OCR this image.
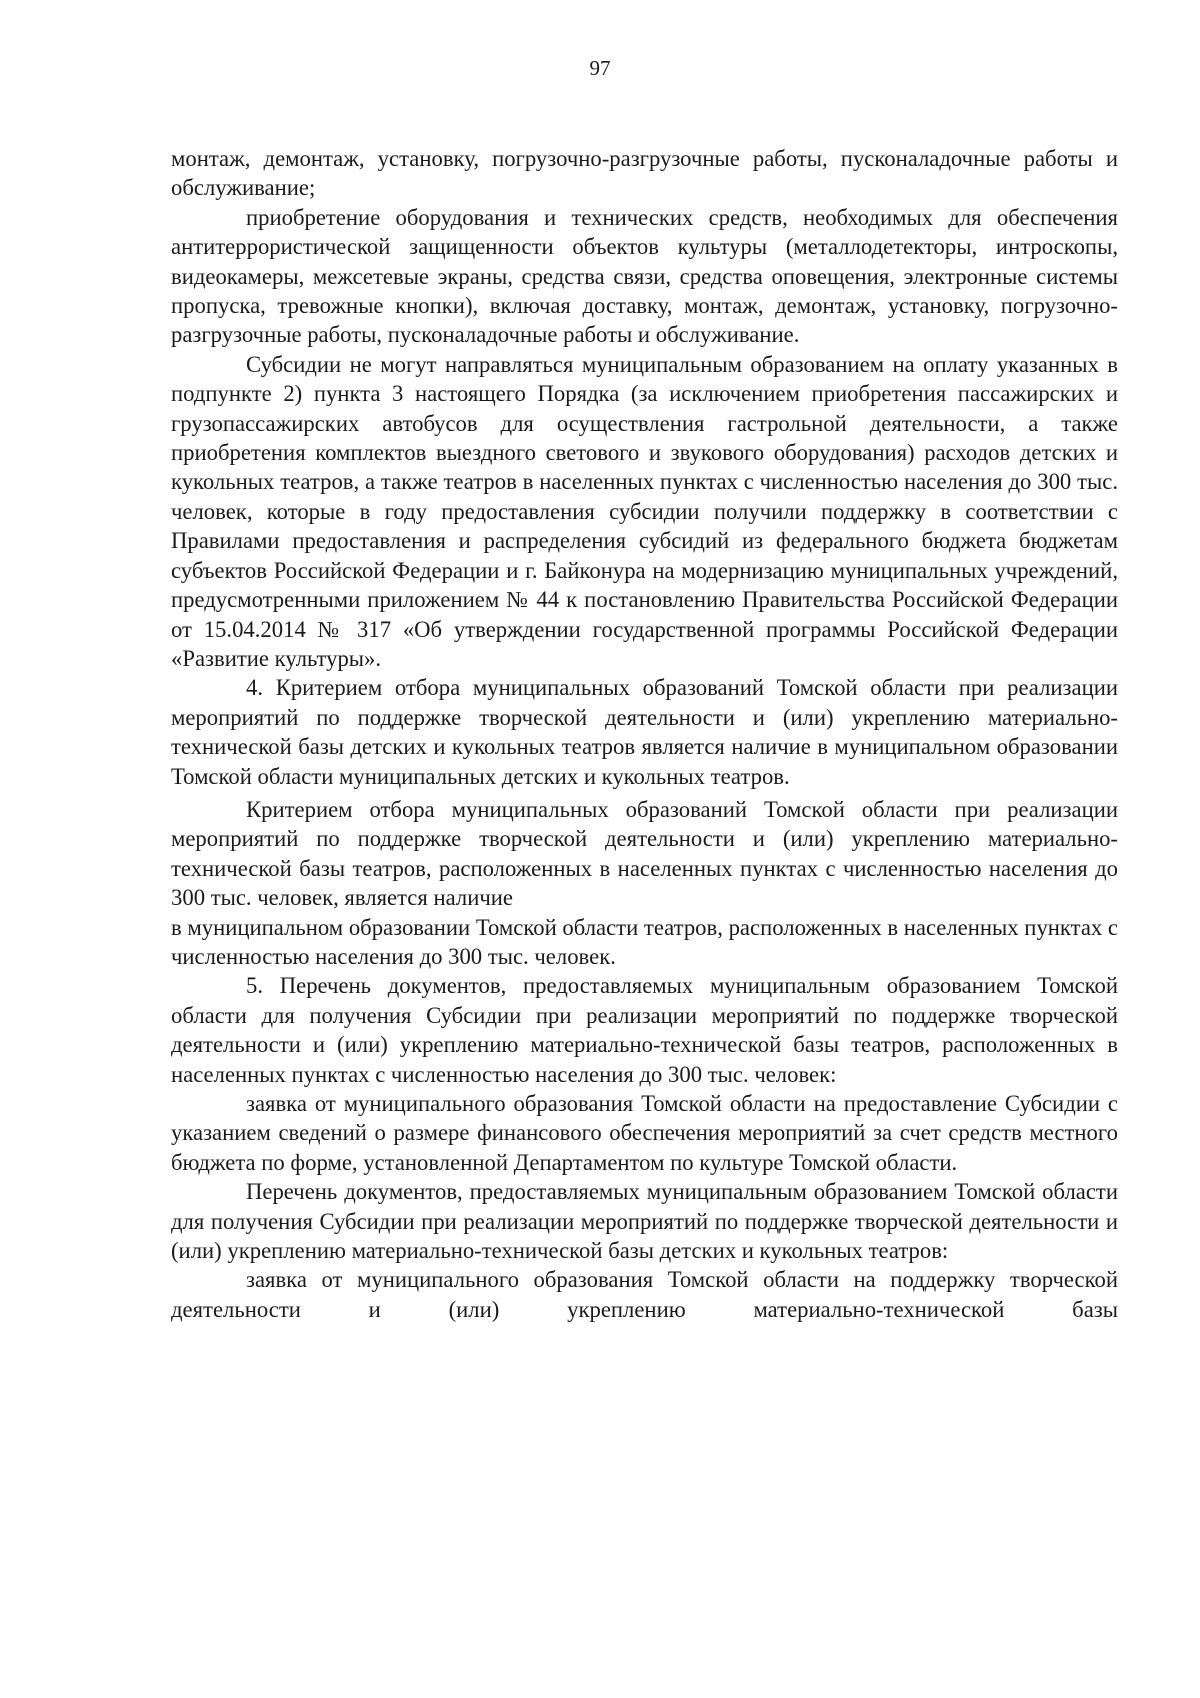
97

монтаж, демонтаж, установку, погрузочно-разгрузочные работы, пусконаладочные работы и обслуживание;

приобретение оборудования и технических средств, необходимых для обеспечения антитеррористической защищенности объектов культуры (металлодетекторы, интроскопы, видеокамеры, межсетевые экраны, средства связи, средства оповещения, электронные системы пропуска, тревожные кнопки), включая доставку, монтаж, демонтаж, установку, погрузочно-разгрузочные работы, пусконаладочные работы и обслуживание.

Субсидии не могут направляться муниципальным образованием на оплату указанных в подпункте 2) пункта 3 настоящего Порядка (за исключением приобретения пассажирских и грузопассажирских автобусов для осуществления гастрольной деятельности, а также приобретения комплектов выездного светового и звукового оборудования) расходов детских и кукольных театров, а также театров в населенных пунктах с численностью населения до 300 тыс. человек, которые в году предоставления субсидии получили поддержку в соответствии с Правилами предоставления и распределения субсидий из федерального бюджета бюджетам субъектов Российской Федерации и г. Байконура на модернизацию муниципальных учреждений, предусмотренными приложением № 44 к постановлению Правительства Российской Федерации от 15.04.2014 № 317 «Об утверждении государственной программы Российской Федерации «Развитие культуры».

4. Критерием отбора муниципальных образований Томской области при реализации мероприятий по поддержке творческой деятельности и (или) укреплению материально-технической базы детских и кукольных театров является наличие в муниципальном образовании Томской области муниципальных детских и кукольных театров.

Критерием отбора муниципальных образований Томской области при реализации мероприятий по поддержке творческой деятельности и (или) укреплению материально-технической базы театров, расположенных в населенных пунктах с численностью населения до 300 тыс. человек, является наличие

в муниципальном образовании Томской области театров, расположенных в населенных пунктах с численностью населения до 300 тыс. человек.

5. Перечень документов, предоставляемых муниципальным образованием Томской области для получения Субсидии при реализации мероприятий по поддержке творческой деятельности и (или) укреплению материально-технической базы театров, расположенных в населенных пунктах с численностью населения до 300 тыс. человек:

заявка от муниципального образования Томской области на предоставление Субсидии с указанием сведений о размере финансового обеспечения мероприятий за счет средств местного бюджета по форме, установленной Департаментом по культуре Томской области.

Перечень документов, предоставляемых муниципальным образованием Томской области для получения Субсидии при реализации мероприятий по поддержке творческой деятельности и (или) укреплению материально-технической базы детских и кукольных театров:

заявка от муниципального образования Томской области на поддержку творческой деятельности и (или) укреплению материально-технической базы
